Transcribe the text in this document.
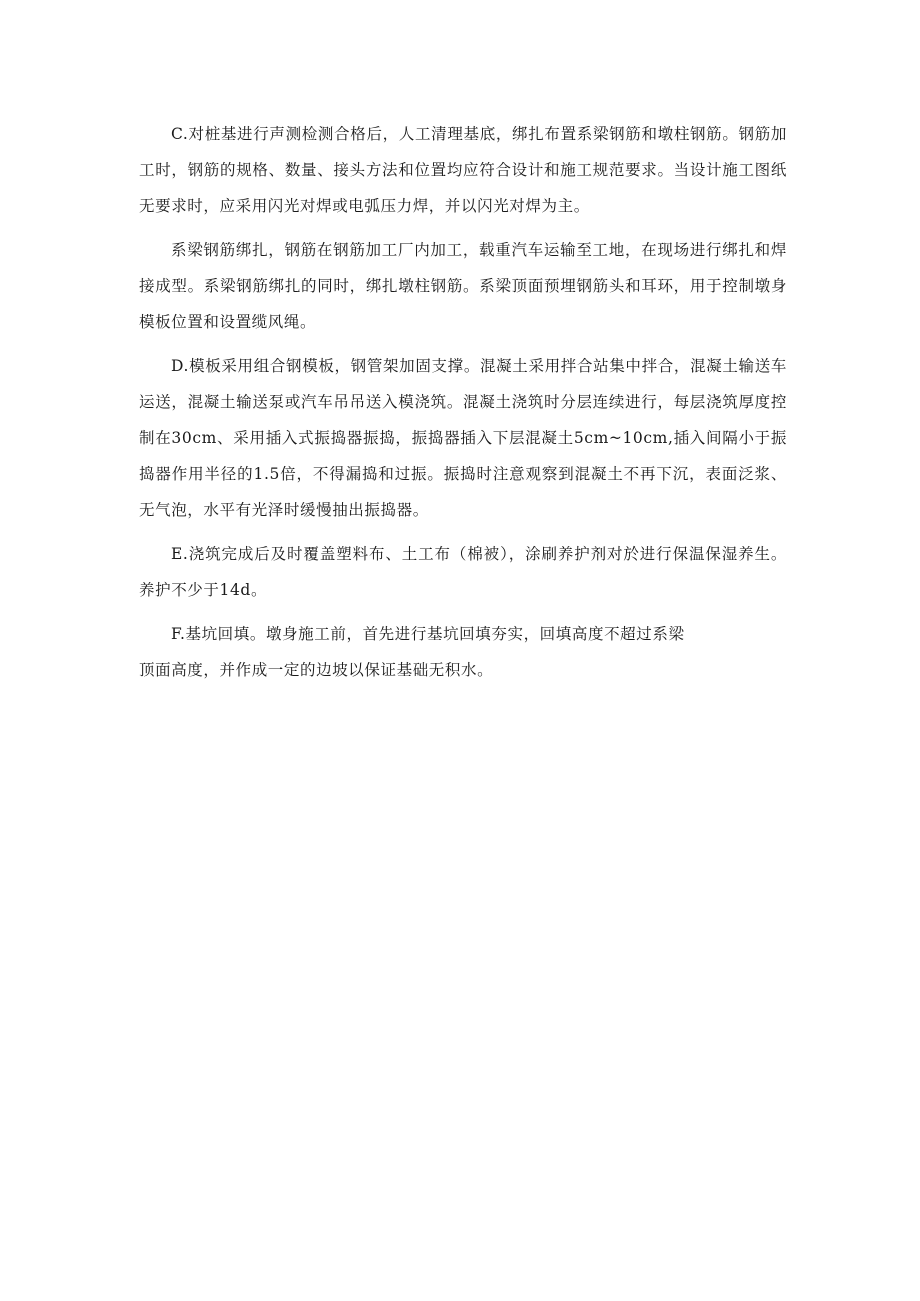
C.对桩基进行声测检测合格后，人工清理基底，绑扎布置系梁钢筋和墩柱钢筋。钢筋加工时，钢筋的规格、数量、接头方法和位置均应符合设计和施工规范要求。当设计施工图纸无要求时，应采用闪光对焊或电弧压力焊，并以闪光对焊为主。

系梁钢筋绑扎，钢筋在钢筋加工厂内加工，载重汽车运输至工地，在现场进行绑扎和焊接成型。系梁钢筋绑扎的同时，绑扎墩柱钢筋。系梁顶面预埋钢筋头和耳环，用于控制墩身模板位置和设置缆风绳。

D.模板采用组合钢模板，钢管架加固支撑。混凝土采用拌合站集中拌合，混凝土输送车运送，混凝土输送泵或汽车吊吊送入模浇筑。混凝土浇筑时分层连续进行，每层浇筑厚度控制在30cm、采用插入式振捣器振捣，振捣器插入下层混凝土5cm~10cm,插入间隔小于振捣器作用半径的1.5倍，不得漏捣和过振。振捣时注意观察到混凝土不再下沉，表面泛浆、无气泡，水平有光泽时缓慢抽出振捣器。

E.浇筑完成后及时覆盖塑料布、土工布（棉被），涂刷养护剂对於进行保温保湿养生。养护不少于14d。

F.基坑回填。墩身施工前，首先进行基坑回填夯实，回填高度不超过系梁

顶面高度，并作成一定的边坡以保证基础无积水。
